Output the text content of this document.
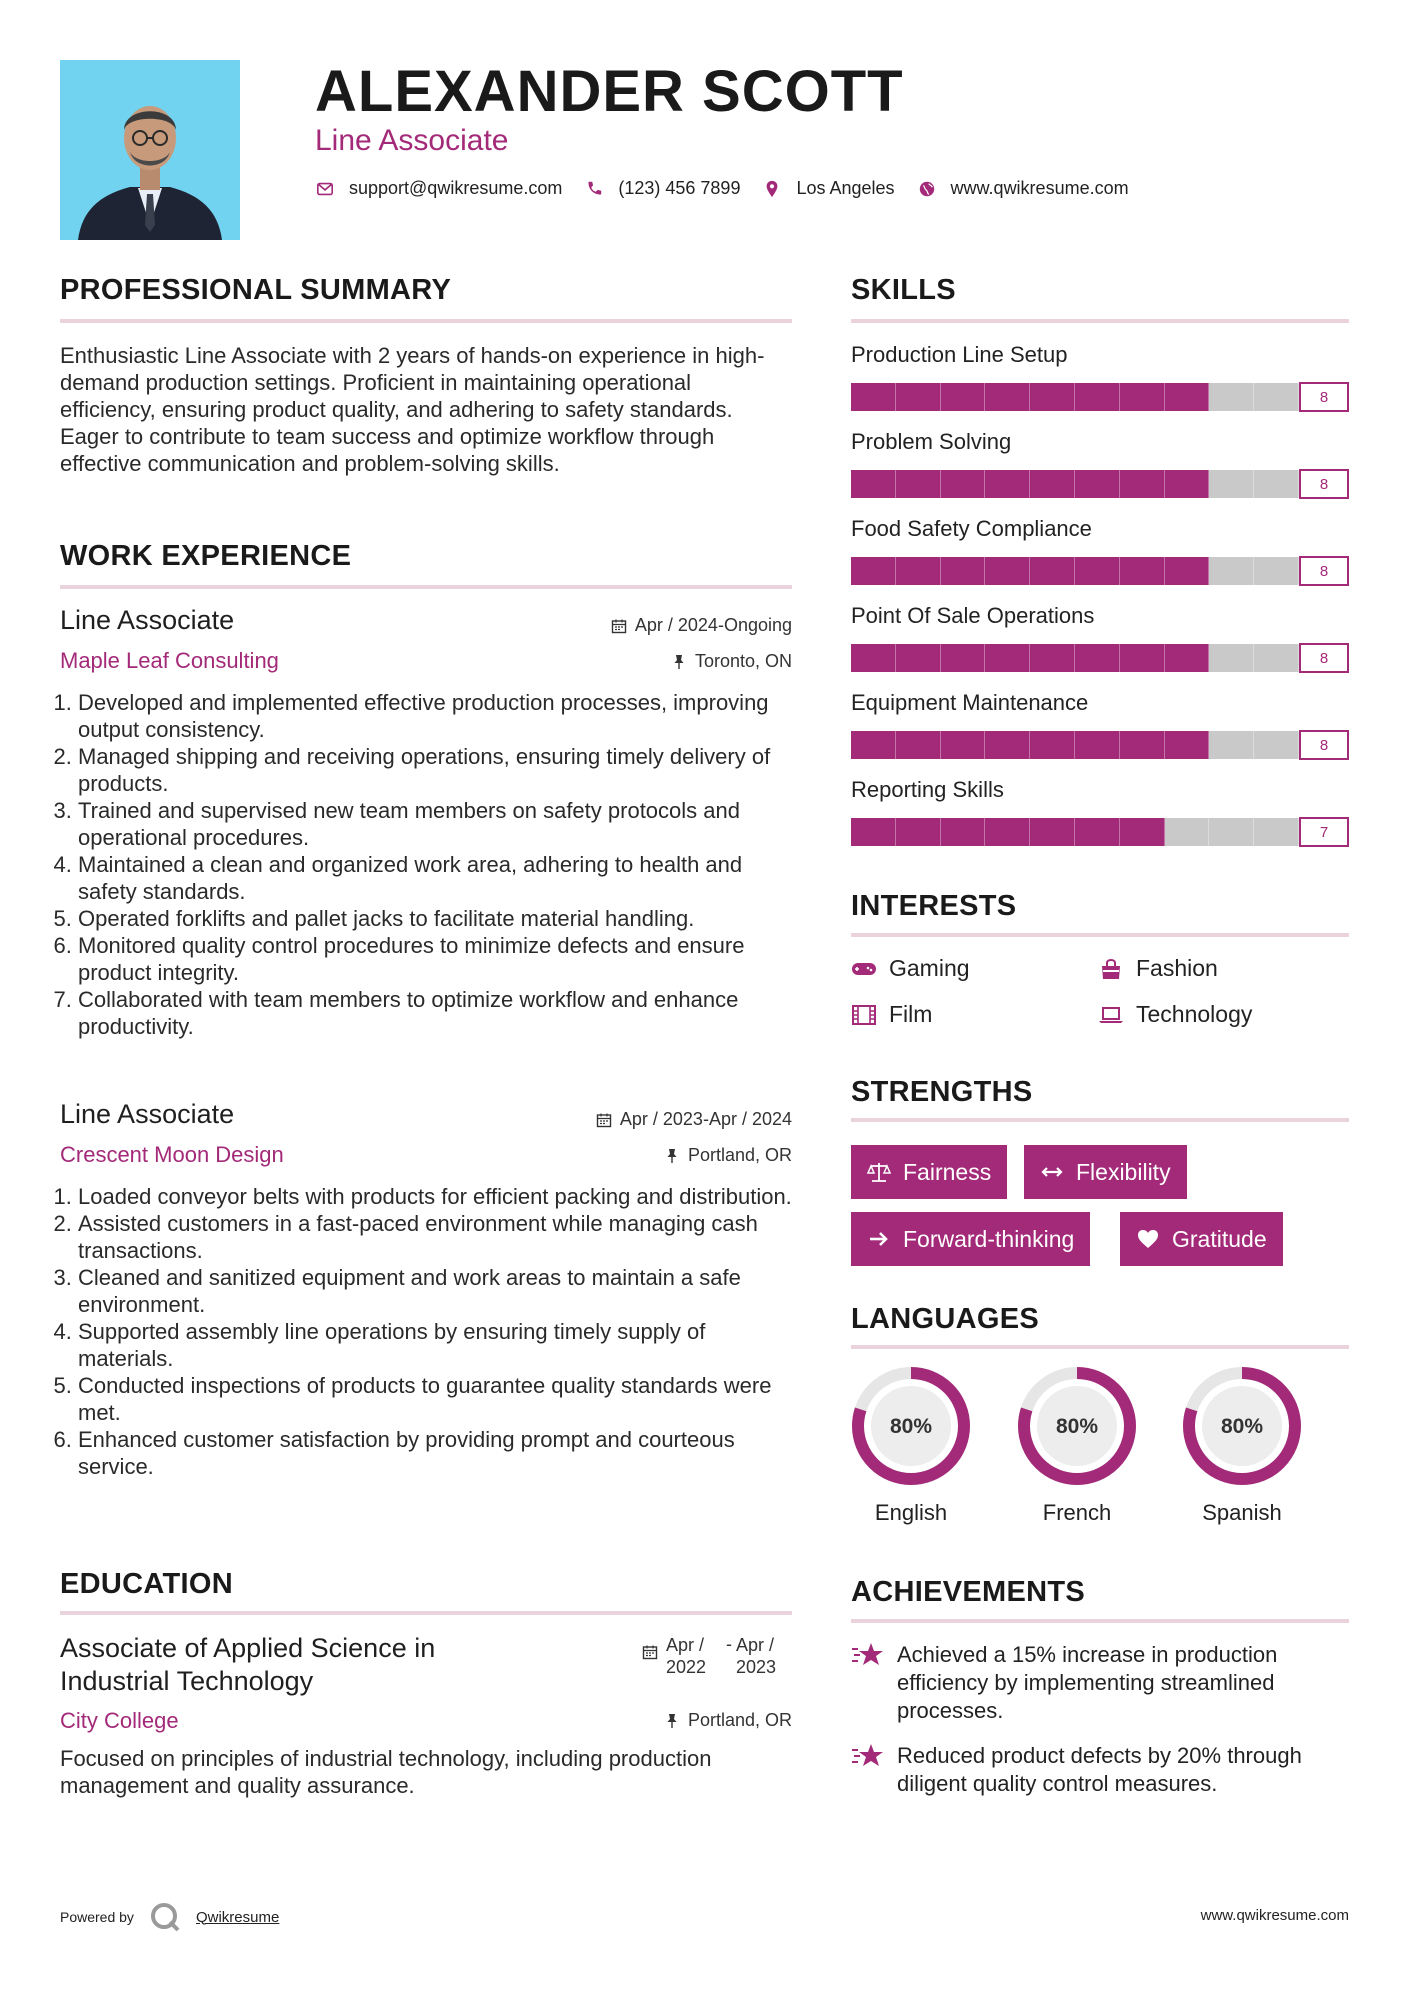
ALEXANDER SCOTT
Line Associate
support@qwikresume.com	(123) 456 7899	Los Angeles	www.qwikresume.com
PROFESSIONAL SUMMARY
Enthusiastic Line Associate with 2 years of hands-on experience in high-demand production settings. Proficient in maintaining operational efficiency, ensuring product quality, and adhering to safety standards. Eager to contribute to team success and optimize workflow through effective communication and problem-solving skills.
WORK EXPERIENCE
Line Associate	Apr / 2024-Ongoing
Maple Leaf Consulting	Toronto, ON
1. Developed and implemented effective production processes, improving output consistency.
2. Managed shipping and receiving operations, ensuring timely delivery of products.
3. Trained and supervised new team members on safety protocols and operational procedures.
4. Maintained a clean and organized work area, adhering to health and safety standards.
5. Operated forklifts and pallet jacks to facilitate material handling.
6. Monitored quality control procedures to minimize defects and ensure product integrity.
7. Collaborated with team members to optimize workflow and enhance productivity.
Line Associate	Apr / 2023-Apr / 2024
Crescent Moon Design	Portland, OR
1. Loaded conveyor belts with products for efficient packing and distribution.
2. Assisted customers in a fast-paced environment while managing cash transactions.
3. Cleaned and sanitized equipment and work areas to maintain a safe environment.
4. Supported assembly line operations by ensuring timely supply of materials.
5. Conducted inspections of products to guarantee quality standards were met.
6. Enhanced customer satisfaction by providing prompt and courteous service.
EDUCATION
Associate of Applied Science in Industrial Technology
Apr / 2022
- Apr / 2023
City College	Portland, OR
Focused on principles of industrial technology, including production management and quality assurance.
SKILLS
Production Line Setup
8
Problem Solving
8
Food Safety Compliance
8
Point Of Sale Operations
8
Equipment Maintenance
8
Reporting Skills
7
INTERESTS
Gaming	Fashion
Film	Technology
STRENGTHS
Fairness	Flexibility
Forward-thinking	Gratitude
LANGUAGES
80%
English
80%
French
80%
Spanish
ACHIEVEMENTS
Achieved a 15% increase in production efficiency by implementing streamlined processes.
Reduced product defects by 20% through diligent quality control measures.
Powered by	Qwikresume	www.qwikresume.com
